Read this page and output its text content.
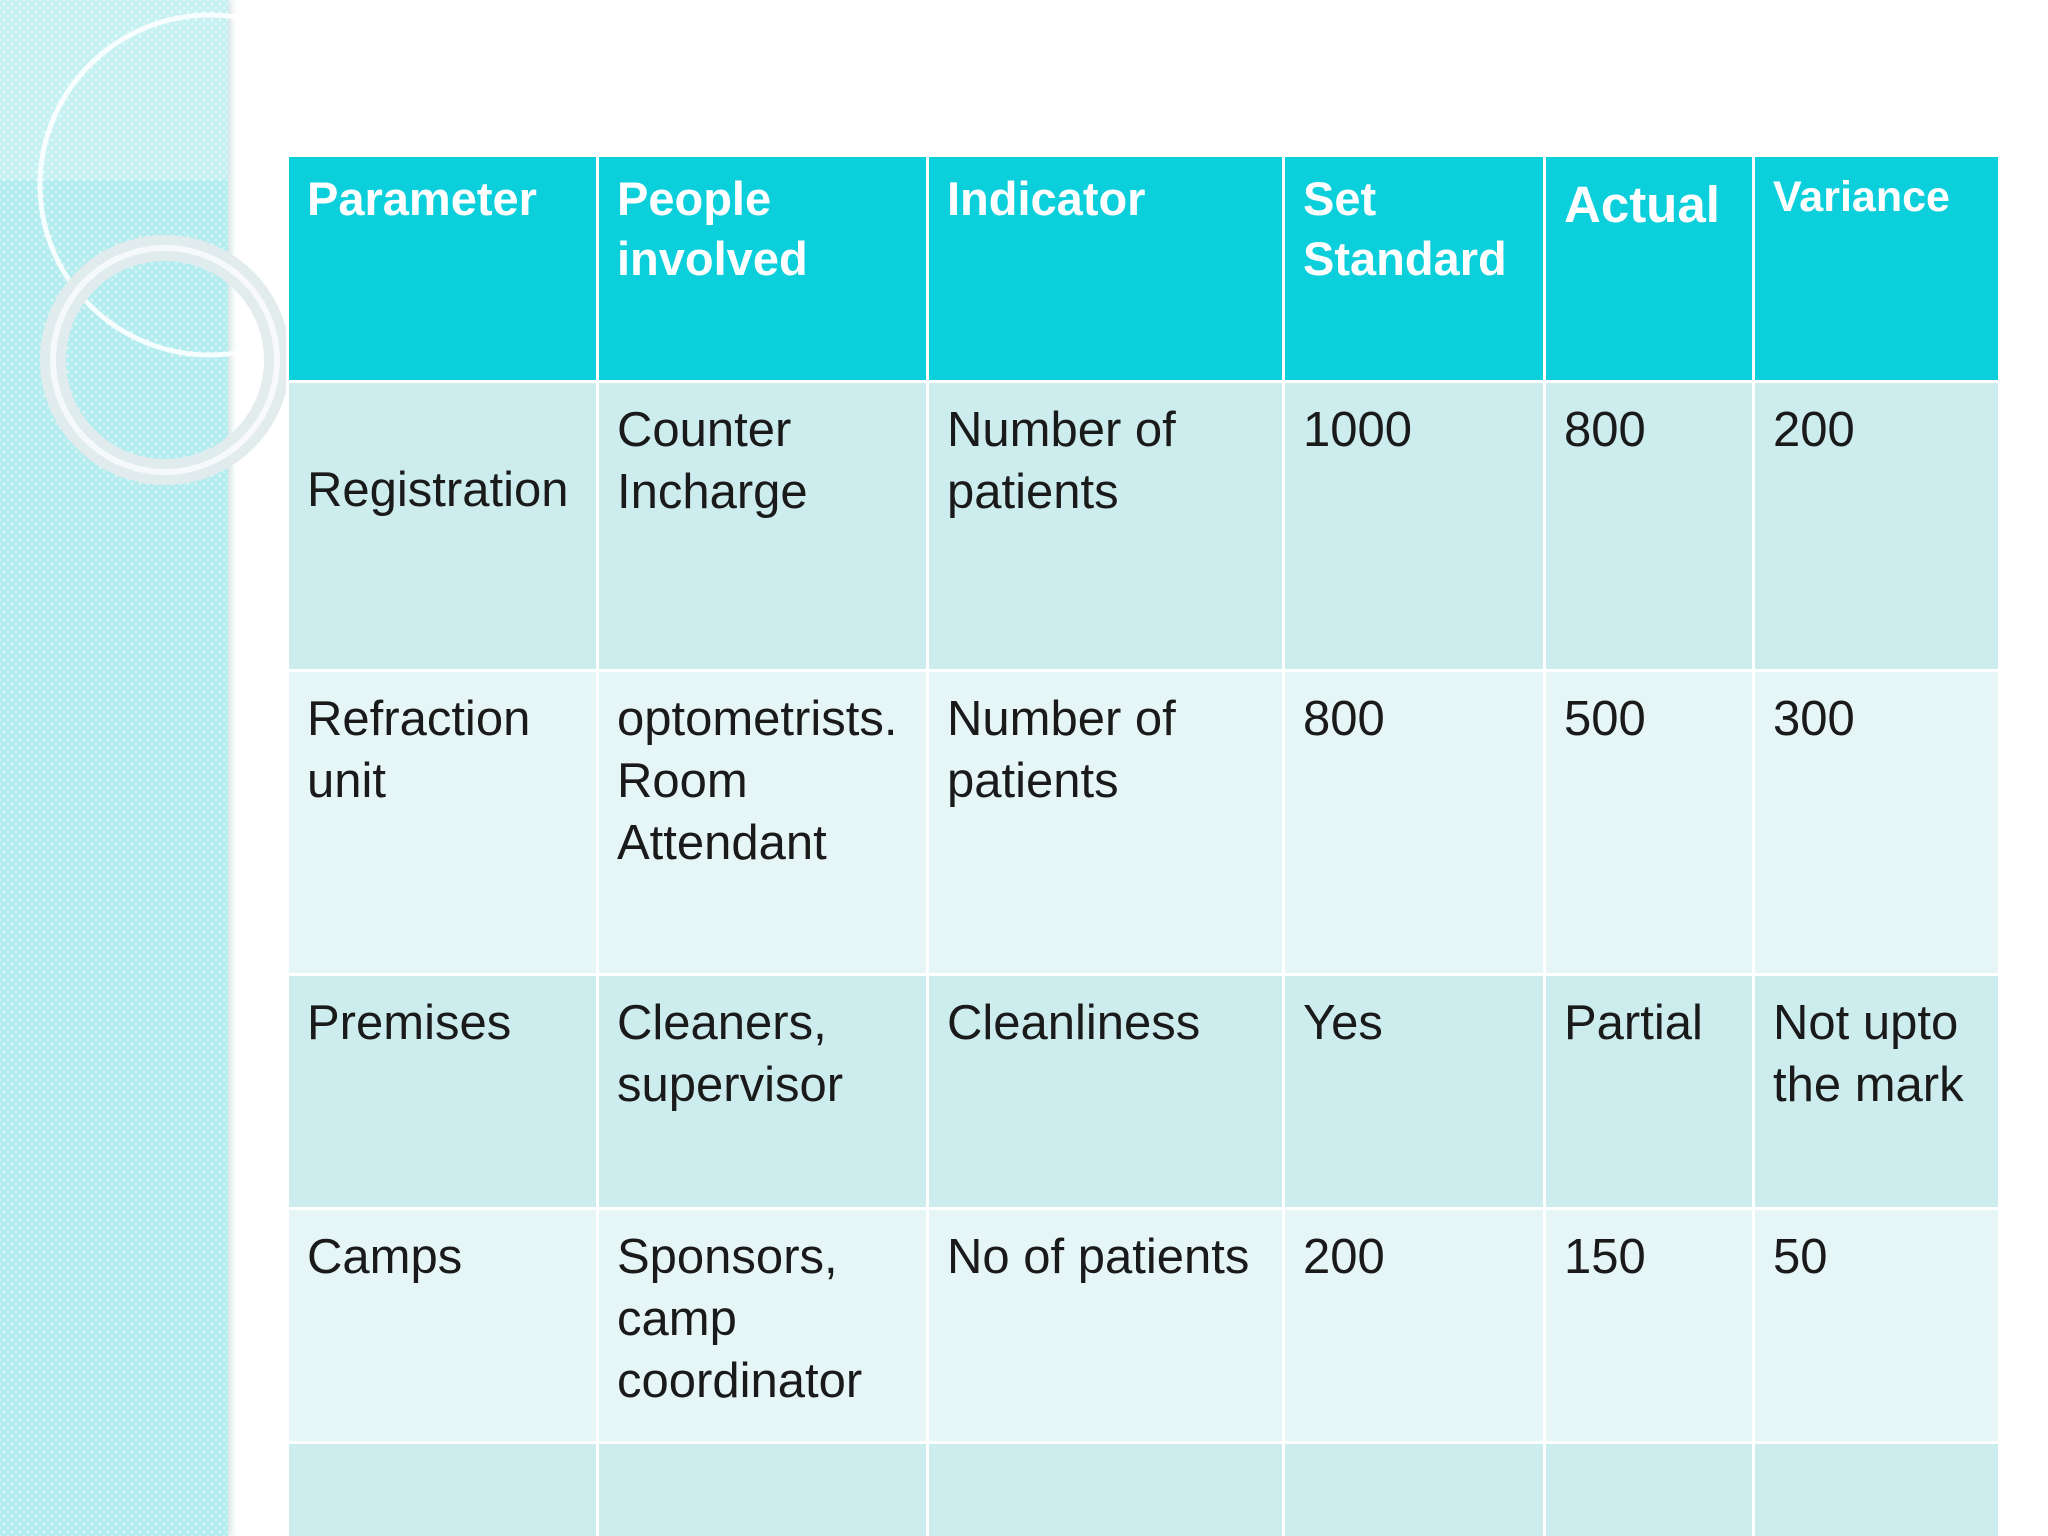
Parameter	People involved	Indicator	Set Standard	Actual	Variance
Registration	Counter Incharge	Number of patients	1000	800	200
Refraction unit	optometrists. Room Attendant	Number of patients	800	500	300
Premises	Cleaners, supervisor	Cleanliness	Yes	Partial	Not upto the mark
Camps	Sponsors, camp coordinator	No of patients	200	150	50
